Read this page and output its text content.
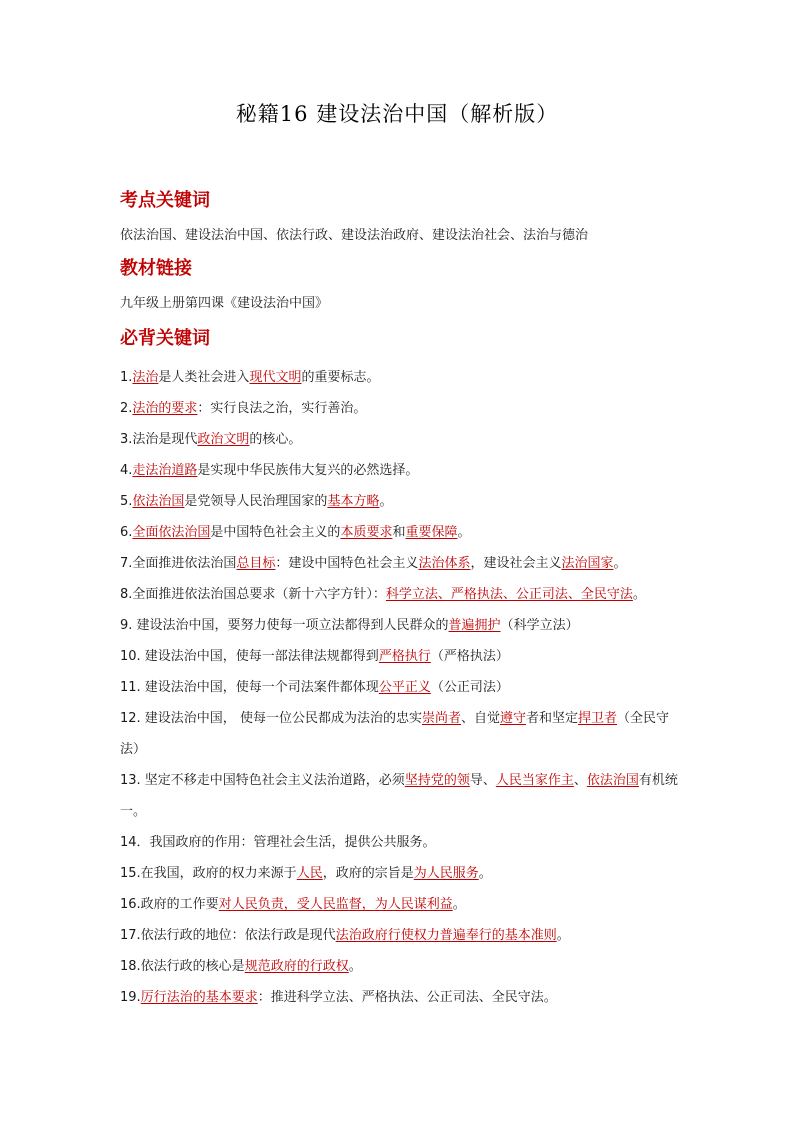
秘籍16 建设法治中国（解析版）
考点关键词
依法治国、建设法治中国、依法行政、建设法治政府、建设法治社会、法治与德治
教材链接
九年级上册第四课《建设法治中国》
必背关键词
1.法治是人类社会进入现代文明的重要标志。
2.法治的要求：实行良法之治，实行善治。
3.法治是现代政治文明的核心。
4.走法治道路是实现中华民族伟大复兴的必然选择。
5.依法治国是党领导人民治理国家的基本方略。
6.全面依法治国是中国特色社会主义的本质要求和重要保障。
7.全面推进依法治国总目标：建设中国特色社会主义法治体系，建设社会主义法治国家。
8.全面推进依法治国总要求（新十六字方针）：科学立法、严格执法、公正司法、全民守法。
9. 建设法治中国，要努力使每一项立法都得到人民群众的普遍拥护（科学立法）
10. 建设法治中国，使每一部法律法规都得到严格执行（严格执法）
11. 建设法治中国，使每一个司法案件都体现公平正义（公正司法）
12. 建设法治中国， 使每一位公民都成为法治的忠实崇尚者、自觉遵守者和坚定捍卫者（全民守法）
13. 坚定不移走中国特色社会主义法治道路，必须坚持党的领导、人民当家作主、依法治国有机统一。
14．我国政府的作用：管理社会生活，提供公共服务。
15.在我国，政府的权力来源于人民，政府的宗旨是为人民服务。
16.政府的工作要对人民负责，受人民监督，为人民谋利益。
17.依法行政的地位：依法行政是现代法治政府行使权力普遍奉行的基本准则。
18.依法行政的核心是规范政府的行政权。
19.厉行法治的基本要求：推进科学立法、严格执法、公正司法、全民守法。
